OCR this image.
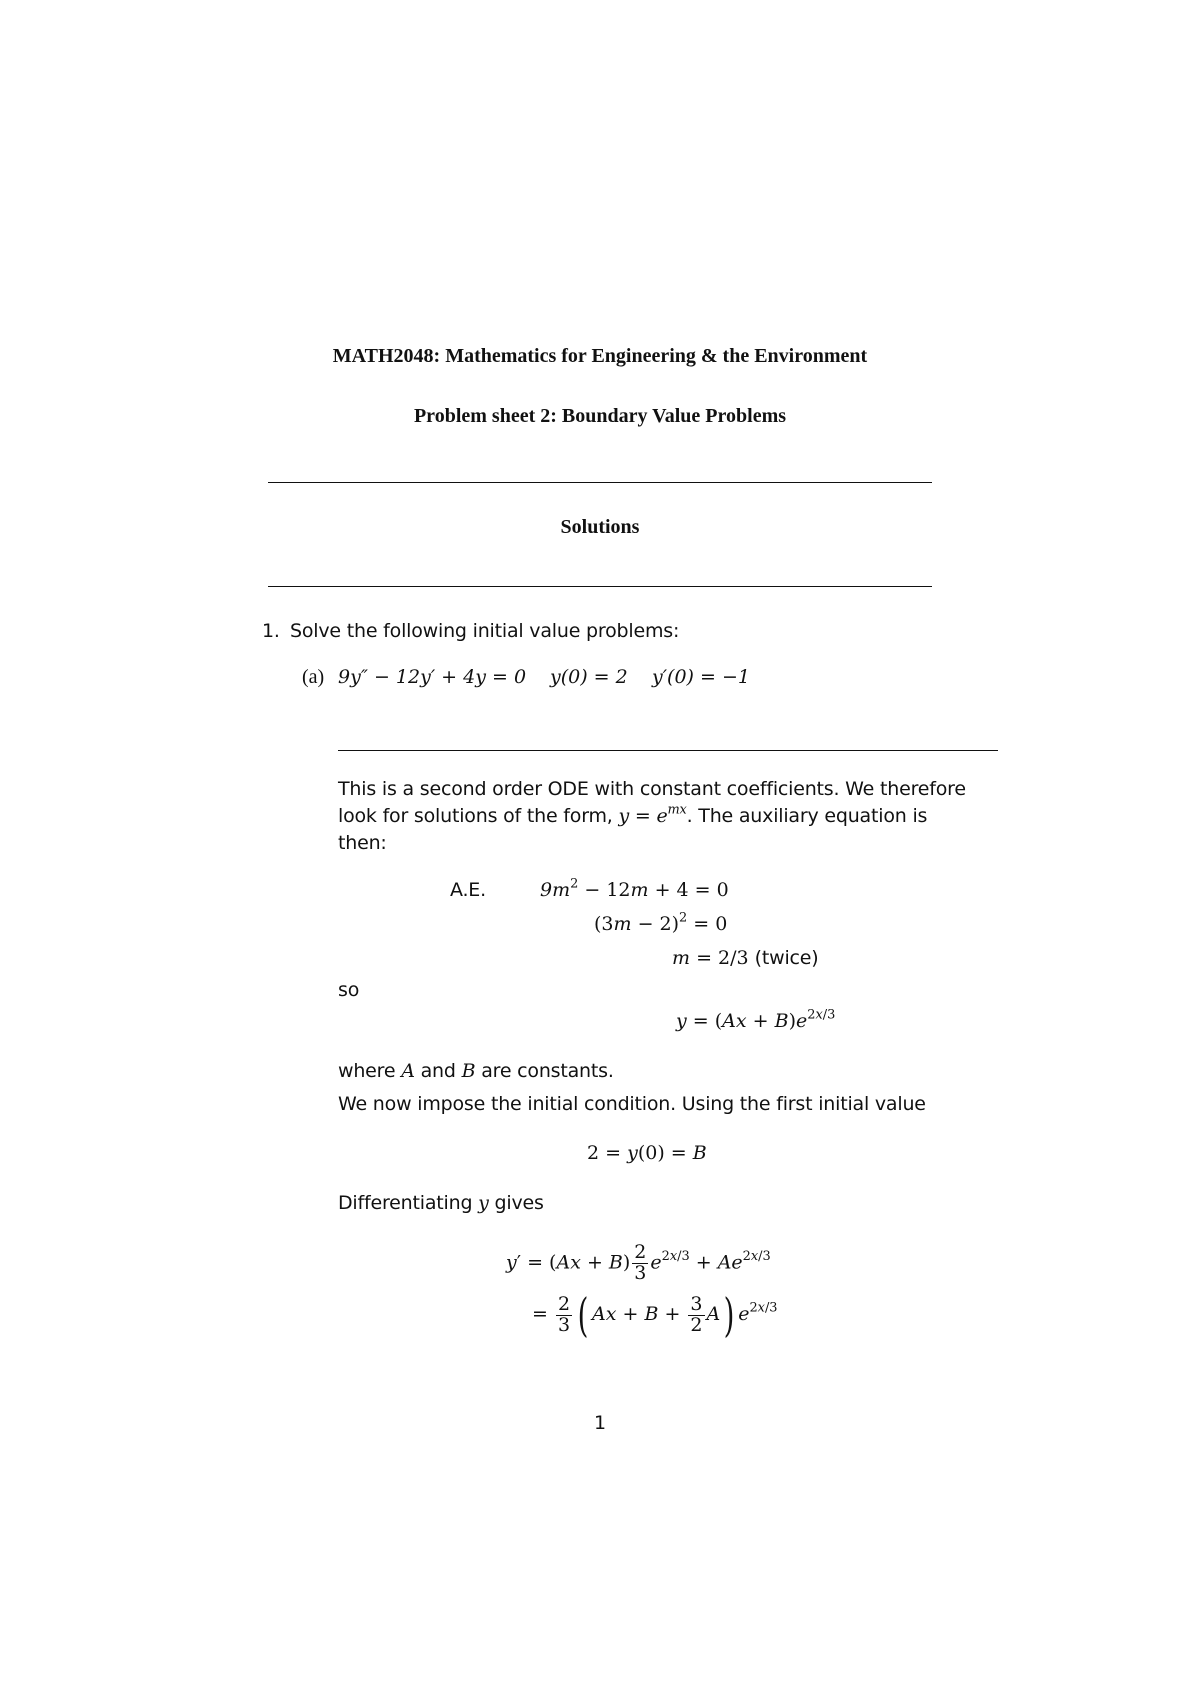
MATH2048: Mathematics for Engineering & the Environment
Problem sheet 2: Boundary Value Problems
Solutions
1. Solve the following initial value problems:
(a) 9y″ − 12y′ + 4y = 0 y(0) = 2 y′(0) = −1

This is a second order ODE with constant coefficients. We therefore

look for solutions of the form, $y = e^{mx}$. The auxiliary equation is

then:

A.E.	$9m^2 - 12m + 4 = 0$
$(3m - 2)^2 = 0$
m = 2/3 (twice)
so
$y = (Ax + B)e^{2x/3}$
where A and B are constants.
We now impose the initial condition. Using the first initial value
2 = y(0) = B
Differentiating y gives
$y' = (Ax + B) \frac{2}{3} e^{2x/3} + Ae^{2x/3}$
= $\frac{2}{3}$ ( $Ax + B + \frac{3}{2} A$) $e^{2x/3}$
1
